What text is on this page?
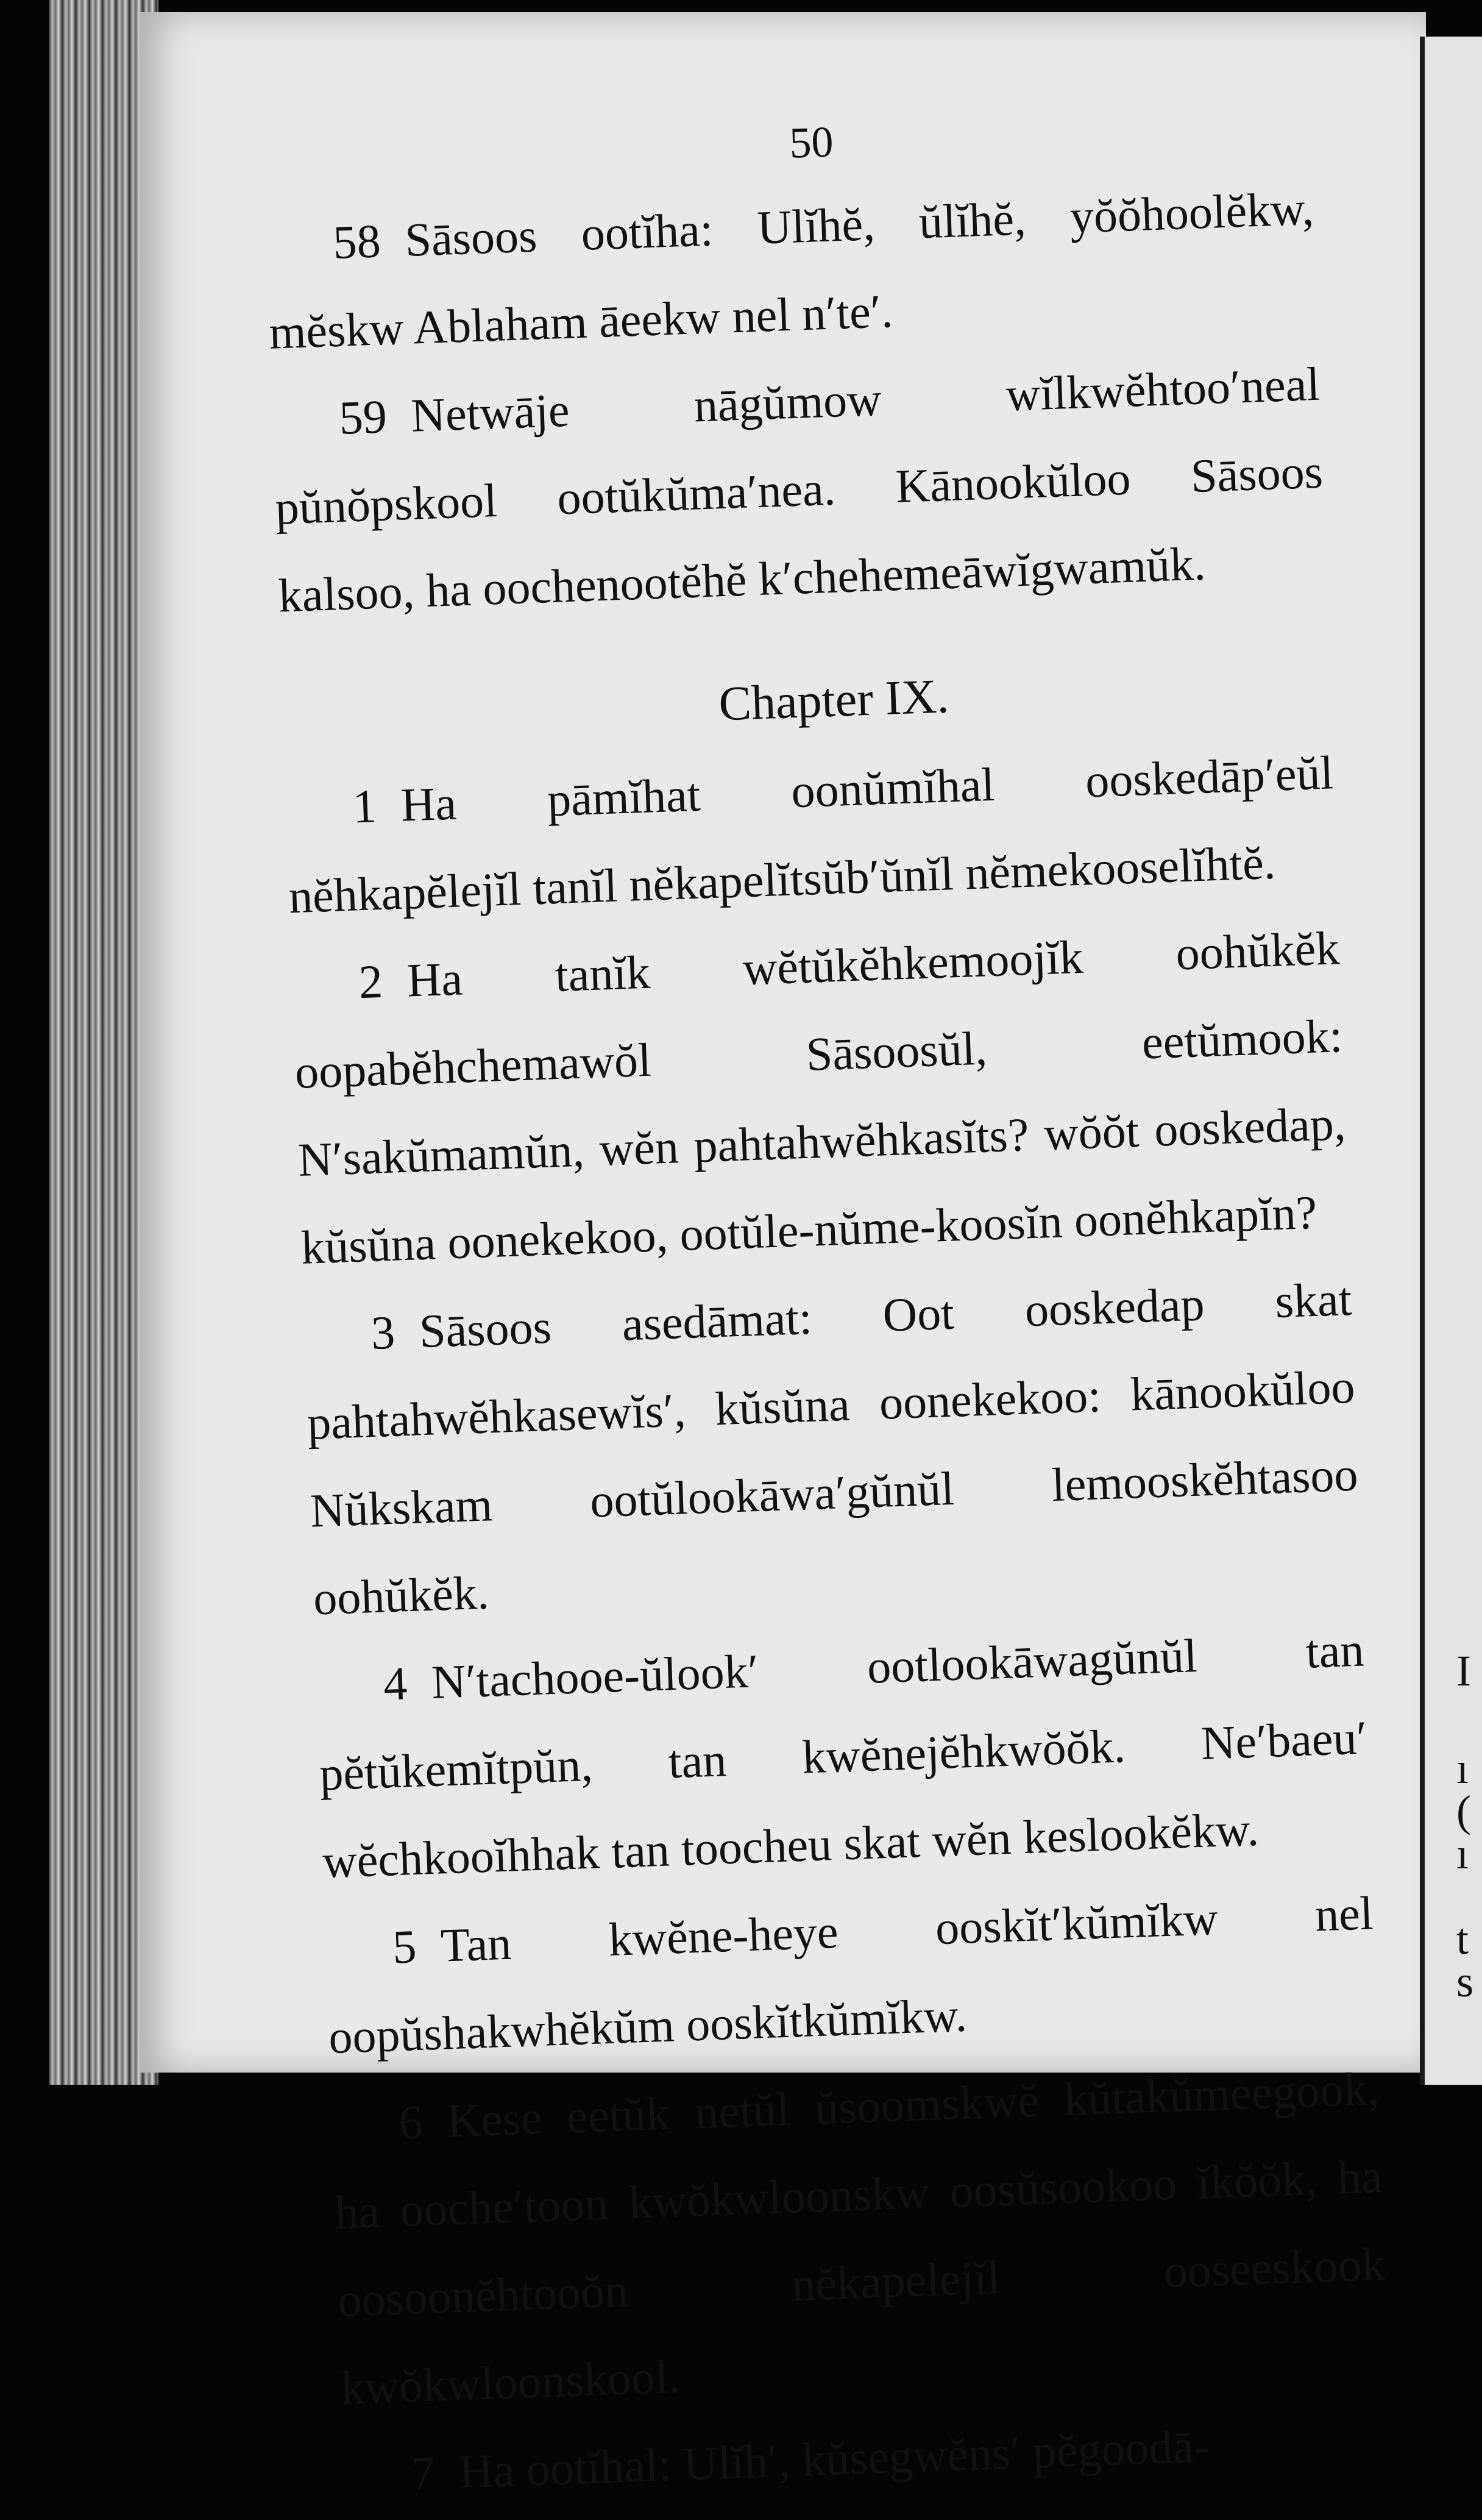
I
ı
(
ı
t
s
50

58 Sāsoos ootĭha: Ulĭhĕ, ŭlĭhĕ, yŏŏhoolĕkw, mĕskw Ablaham āeekw nel n′te′.

59 Netwāje nāgŭmow wĭlkwĕhtoo′neal pŭnŏpskool ootŭkŭma′nea. Kānookŭloo Sāsoos kalsoo, ha oochenootĕhĕ k′chehemeāwĭgwamŭk.

Chapter IX.

1 Ha pāmĭhat oonŭmĭhal ooskedāp′eŭl nĕhkapĕlejĭl tanĭl nĕkapelĭtsŭb′ŭnĭl nĕmekooselĭhtĕ.

2 Ha tanĭk wĕtŭkĕhkemoojĭk oohŭkĕk oopabĕhchemawŏl Sāsoosŭl, eetŭmook: N′sakŭmamŭn, wĕn pahtahwĕhkasĭts? wŏŏt ooskedap, kŭsŭna oonekekoo, ootŭle-nŭme-koosĭn oonĕhkapĭn?

3 Sāsoos asedāmat: Oot ooskedap skat pahtahwĕhkasewĭs′, kŭsŭna oonekekoo: kānookŭloo Nŭkskam ootŭlookāwa′gŭnŭl lemooskĕhtasoo oohŭkĕk.

4 N′tachooe-ŭlook′ ootlookāwagŭnŭl tan pĕtŭkemĭtpŭn, tan kwĕnejĕhkwŏŏk. Ne′baeu′ wĕchkooĭhhak tan toocheu skat wĕn keslookĕkw.

5 Tan kwĕne-heye ooskĭt′kŭmĭkw nel oopŭshakwhĕkŭm ooskĭtkŭmĭkw.

6 Kese eetŭk netŭl ŭsoomskwĕ kŭtakŭmeegook, ha ooche′toon kwŏkwloonskw oosŭsookoo ĭkŏŏk, ha oosoonĕhtooŏn nĕkapelejĭl ooseeskook kwŏkwloonskool.

7 Ha ootĭhal: Ulĭh′, kŭsegwĕns′ pĕgoodā-
